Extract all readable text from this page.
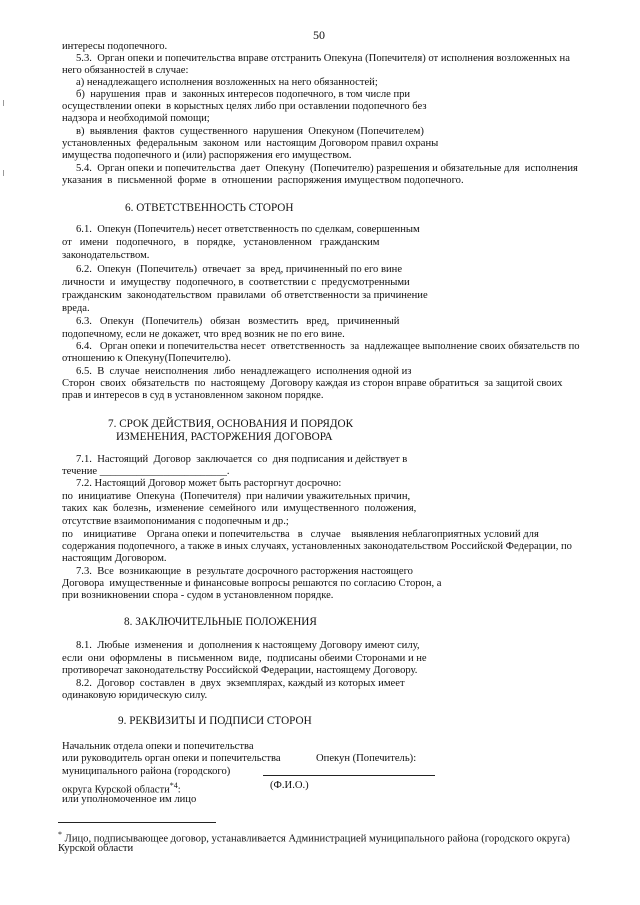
50
интересы подопечного.
5.3.  Орган опеки и попечительства вправе отстранить Опекуна (Попечителя) от исполнения возложенных на
него обязанностей в случае:
а) ненадлежащего исполнения возложенных на него обязанностей;
б)  нарушения  прав  и  законных интересов подопечного, в том числе при
осуществлении опеки  в корыстных целях либо при оставлении подопечного без
надзора и необходимой помощи;
в)  выявления  фактов  существенного  нарушения  Опекуном (Попечителем)
установленных  федеральным  законом  или  настоящим Договором правил охраны
имущества подопечного и (или) распоряжения его имуществом.
5.4.  Орган опеки и попечительства  дает  Опекуну  (Попечителю) разрешения и обязательные для  исполнения
указания  в  письменной  форме  в  отношении  распоряжения имуществом подопечного.
6. ОТВЕТСТВЕННОСТЬ СТОРОН
6.1.  Опекун (Попечитель) несет ответственность по сделкам, совершенным
от   имени   подопечного,   в   порядке,   установленном   гражданским
законодательством.
6.2.  Опекун  (Попечитель)  отвечает  за  вред, причиненный по его вине
личности  и  имуществу  подопечного, в  соответствии с  предусмотренными
гражданским  законодательством  правилами  об ответственности за причинение
вреда.
6.3.   Опекун   (Попечитель)   обязан   возместить   вред,   причиненный
подопечному, если не докажет, что вред возник не по его вине.
6.4.   Орган опеки и попечительства несет  ответственность  за  надлежащее выполнение своих обязательств по
отношению к Опекуну(Попечителю).
6.5.  В  случае  неисполнения  либо  ненадлежащего  исполнения одной из
Сторон  своих  обязательств  по  настоящему  Договору каждая из сторон вправе обратиться  за защитой своих
прав и интересов в суд в установленном законом порядке.
7. СРОК ДЕЙСТВИЯ, ОСНОВАНИЯ И ПОРЯДОК
ИЗМЕНЕНИЯ, РАСТОРЖЕНИЯ ДОГОВОРА
7.1.  Настоящий  Договор  заключается  со  дня подписания и действует в
течение ________________________.
7.2. Настоящий Договор может быть расторгнут досрочно:
по  инициативе  Опекуна  (Попечителя)  при наличии уважительных причин,
таких  как  болезнь,  изменение  семейного  или  имущественного  положения,
отсутствие взаимопонимания с подопечным и др.;
по    инициативе    Органа опеки и попечительства   в   случае    выявления неблагоприятных условий для
содержания подопечного, а также в иных случаях, установленных законодательством Российской Федерации, по
настоящим Договором.
7.3.  Все  возникающие  в  результате досрочного расторжения настоящего
Договора  имущественные и финансовые вопросы решаются по согласию Сторон, а
при возникновении спора - судом в установленном порядке.
8. ЗАКЛЮЧИТЕЛЬНЫЕ ПОЛОЖЕНИЯ
8.1.  Любые  изменения  и  дополнения к настоящему Договору имеют силу,
если  они  оформлены  в  письменном  виде,  подписаны обеими Сторонами и не
противоречат законодательству Российской Федерации, настоящему Договору.
8.2.  Договор  составлен  в  двух  экземплярах, каждый из которых имеет
одинаковую юридическую силу.
9. РЕКВИЗИТЫ И ПОДПИСИ СТОРОН
Начальник отдела опеки и попечительства
или руководитель орган опеки и попечительства	Опекун (Попечитель):
муниципального района (городского)
округа Курской области$^{*4}$:	(Ф.И.О.)
или уполномоченное им лицо
* Лицо, подписывающее договор, устанавливается Администрацией муниципального района (городского округа)
Курской области
